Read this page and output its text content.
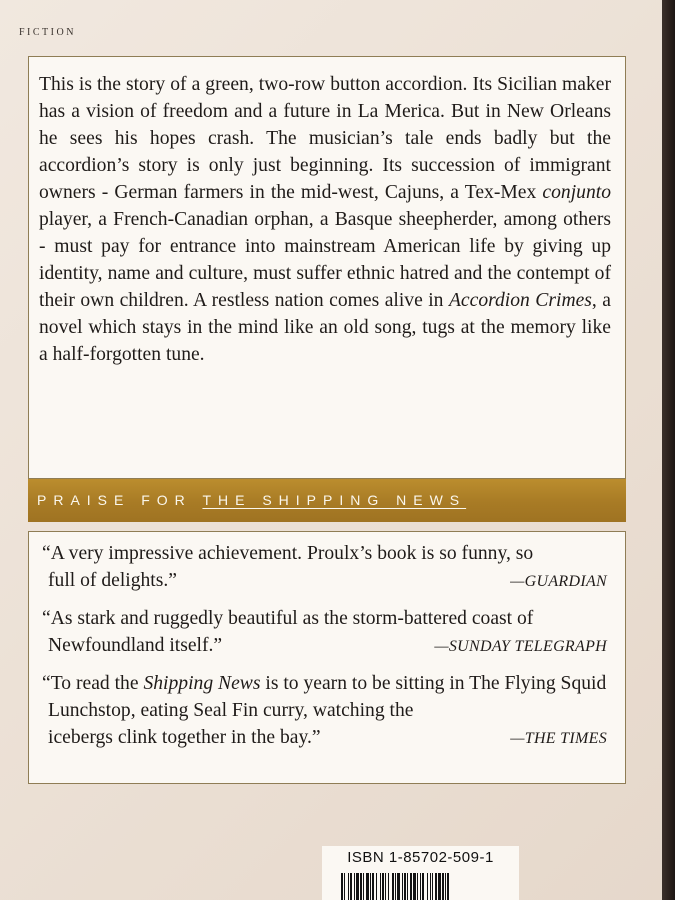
FICTION

This is the story of a green, two-row button accordion. Its Sicilian maker has a vision of freedom and a future in La Merica. But in New Orleans he sees his hopes crash. The musician’s tale ends badly but the accordion’s story is only just beginning. Its succession of immigrant owners - German farmers in the mid-west, Cajuns, a Tex-Mex conjunto player, a French-Canadian orphan, a Basque sheepherder, among others - must pay for entrance into mainstream American life by giving up identity, name and culture, must suffer ethnic hatred and the contempt of their own children. A restless nation comes alive in Accordion Crimes, a novel which stays in the mind like an old song, tugs at the memory like a half-forgotten tune.

PRAISE FOR THE SHIPPING NEWS
“A very impressive achievement. Proulx’s book is so funny, so
full of delights.”	—GUARDIAN
“As stark and ruggedly beautiful as the storm-battered coast of
Newfoundland itself.”	—SUNDAY TELEGRAPH
“To read the Shipping News is to yearn to be sitting in The Flying Squid Lunchstop, eating Seal Fin curry, watching the
icebergs clink together in the bay.”	—THE TIMES
ISBN 1-85702-509-1
